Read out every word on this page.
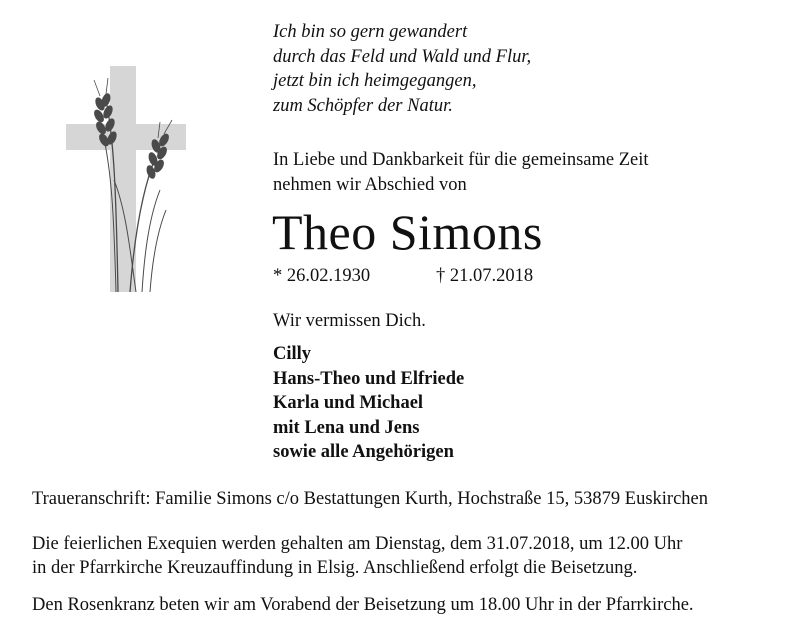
Ich bin so gern gewandert
durch das Feld und Wald und Flur,
jetzt bin ich heimgegangen,
zum Schöpfer der Natur.
In Liebe und Dankbarkeit für die gemeinsame Zeit
nehmen wir Abschied von
Theo Simons
* 26.02.1930	† 21.07.2018
Wir vermissen Dich.
Cilly
Hans-Theo und Elfriede
Karla und Michael
mit Lena und Jens
sowie alle Angehörigen
Traueranschrift: Familie Simons c/o Bestattungen Kurth, Hochstraße 15, 53879 Euskirchen
Die feierlichen Exequien werden gehalten am Dienstag, dem 31.07.2018, um 12.00 Uhr
in der Pfarrkirche Kreuzauffindung in Elsig. Anschließend erfolgt die Beisetzung.
Den Rosenkranz beten wir am Vorabend der Beisetzung um 18.00 Uhr in der Pfarrkirche.
